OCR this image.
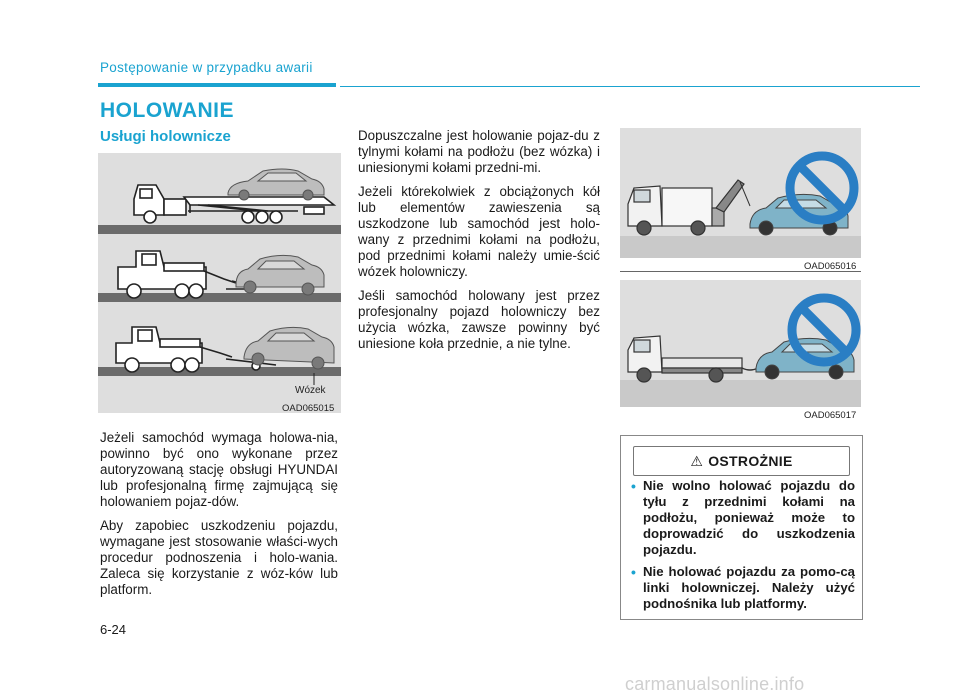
Postępowanie w przypadku awarii
HOLOWANIE
Usługi holownicze
Wózek
OAD065015

Jeżeli samochód wymaga holowa-nia, powinno być ono wykonane przez autoryzowaną stację obsługi HYUNDAI lub profesjonalną firmę zajmującą się holowaniem pojaz-dów.

Aby zapobiec uszkodzeniu pojazdu, wymagane jest stosowanie właści-wych procedur podnoszenia i holo-wania. Zaleca się korzystanie z wóz-ków lub platform.

Dopuszczalne jest holowanie pojaz-du z tylnymi kołami na podłożu (bez wózka) i uniesionymi kołami przedni-mi.

Jeżeli którekolwiek z obciążonych kół lub elementów zawieszenia są uszkodzone lub samochód jest holo-wany z przednimi kołami na podłożu, pod przednimi kołami należy umie-ścić wózek holowniczy.

Jeśli samochód holowany jest przez profesjonalny pojazd holowniczy bez użycia wózka, zawsze powinny być uniesione koła przednie, a nie tylne.

OAD065016
OAD065017
⚠ OSTROŻNIE
• Nie wolno holować pojazdu do tyłu z przednimi kołami na podłożu, ponieważ może to doprowadzić do uszkodzenia pojazdu.
• Nie holować pojazdu za pomo-cą linki holowniczej. Należy użyć podnośnika lub platformy.
6-24
carmanualsonline.info
